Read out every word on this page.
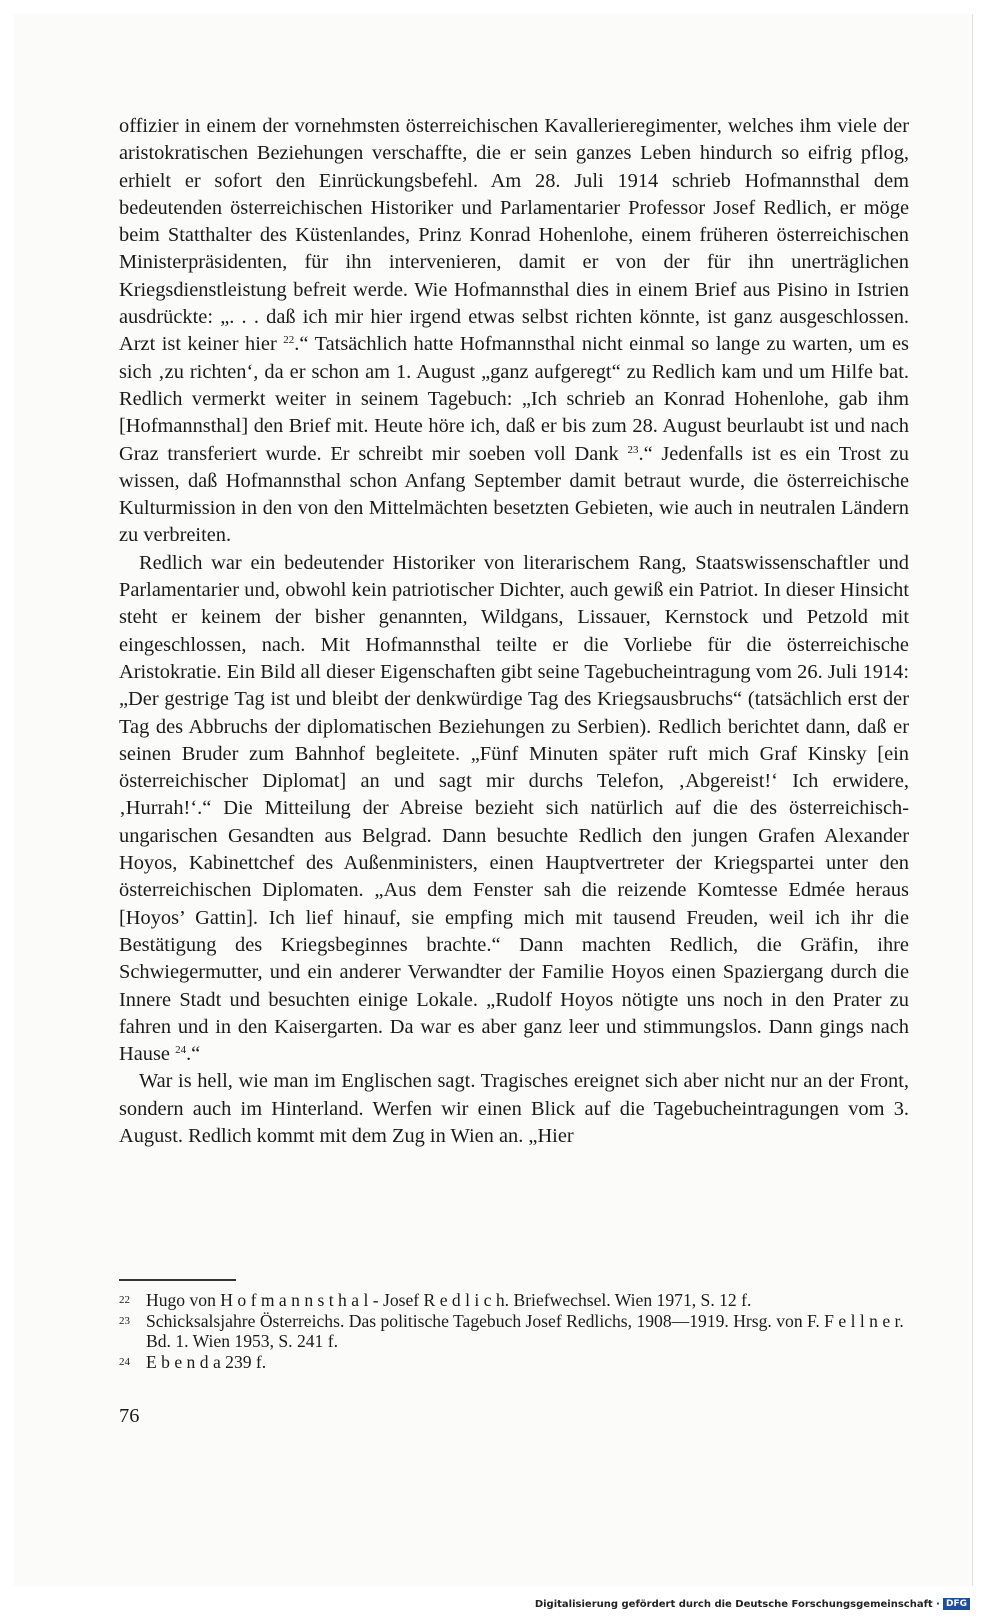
offizier in einem der vornehmsten österreichischen Kavallerieregimenter, welches ihm viele der aristokratischen Beziehungen verschaffte, die er sein ganzes Leben hindurch so eifrig pflog, erhielt er sofort den Einrückungsbefehl. Am 28. Juli 1914 schrieb Hofmannsthal dem bedeutenden österreichischen Historiker und Parlamentarier Professor Josef Redlich, er möge beim Statthalter des Küstenlandes, Prinz Konrad Hohenlohe, einem früheren österreichischen Ministerpräsidenten, für ihn intervenieren, damit er von der für ihn unerträglichen Kriegsdienstleistung befreit werde. Wie Hofmannsthal dies in einem Brief aus Pisino in Istrien ausdrückte: „. . . daß ich mir hier irgend etwas selbst richten könnte, ist ganz ausgeschlossen. Arzt ist keiner hier $^{22}$.“ Tatsächlich hatte Hofmannsthal nicht einmal so lange zu warten, um es sich ‚zu richten‘, da er schon am 1. August „ganz aufgeregt“ zu Redlich kam und um Hilfe bat. Redlich vermerkt weiter in seinem Tagebuch: „Ich schrieb an Konrad Hohenlohe, gab ihm [Hofmannsthal] den Brief mit. Heute höre ich, daß er bis zum 28. August beurlaubt ist und nach Graz transferiert wurde. Er schreibt mir soeben voll Dank $^{23}$.“ Jedenfalls ist es ein Trost zu wissen, daß Hofmannsthal schon Anfang September damit betraut wurde, die österreichische Kulturmission in den von den Mittelmächten besetzten Gebieten, wie auch in neutralen Ländern zu verbreiten.

Redlich war ein bedeutender Historiker von literarischem Rang, Staatswissenschaftler und Parlamentarier und, obwohl kein patriotischer Dichter, auch gewiß ein Patriot. In dieser Hinsicht steht er keinem der bisher genannten, Wildgans, Lissauer, Kernstock und Petzold mit eingeschlossen, nach. Mit Hofmannsthal teilte er die Vorliebe für die österreichische Aristokratie. Ein Bild all dieser Eigenschaften gibt seine Tagebucheintragung vom 26. Juli 1914: „Der gestrige Tag ist und bleibt der denkwürdige Tag des Kriegsausbruchs“ (tatsächlich erst der Tag des Abbruchs der diplomatischen Beziehungen zu Serbien). Redlich berichtet dann, daß er seinen Bruder zum Bahnhof begleitete. „Fünf Minuten später ruft mich Graf Kinsky [ein österreichischer Diplomat] an und sagt mir durchs Telefon, ‚Abgereist!‘ Ich erwidere, ‚Hurrah!‘.“ Die Mitteilung der Abreise bezieht sich natürlich auf die des österreichisch-ungarischen Gesandten aus Belgrad. Dann besuchte Redlich den jungen Grafen Alexander Hoyos, Kabinettchef des Außenministers, einen Hauptvertreter der Kriegspartei unter den österreichischen Diplomaten. „Aus dem Fenster sah die reizende Komtesse Edmée heraus [Hoyos’ Gattin]. Ich lief hinauf, sie empfing mich mit tausend Freuden, weil ich ihr die Bestätigung des Kriegsbeginnes brachte.“ Dann machten Redlich, die Gräfin, ihre Schwiegermutter, und ein anderer Verwandter der Familie Hoyos einen Spaziergang durch die Innere Stadt und besuchten einige Lokale. „Rudolf Hoyos nötigte uns noch in den Prater zu fahren und in den Kaisergarten. Da war es aber ganz leer und stimmungslos. Dann gings nach Hause $^{24}$.“

War is hell, wie man im Englischen sagt. Tragisches ereignet sich aber nicht nur an der Front, sondern auch im Hinterland. Werfen wir einen Blick auf die Tagebucheintragungen vom 3. August. Redlich kommt mit dem Zug in Wien an. „Hier

22 Hugo von H o f m a n n s t h a l - Josef R e d l i c h. Briefwechsel. Wien 1971, S. 12 f.
23 Schicksalsjahre Österreichs. Das politische Tagebuch Josef Redlichs, 1908—1919. Hrsg. von F. F e l l n e r. Bd. 1. Wien 1953, S. 241 f.
24 E b e n d a 239 f.
76
Digitalisierung gefördert durch die Deutsche Forschungsgemeinschaft · DFG
